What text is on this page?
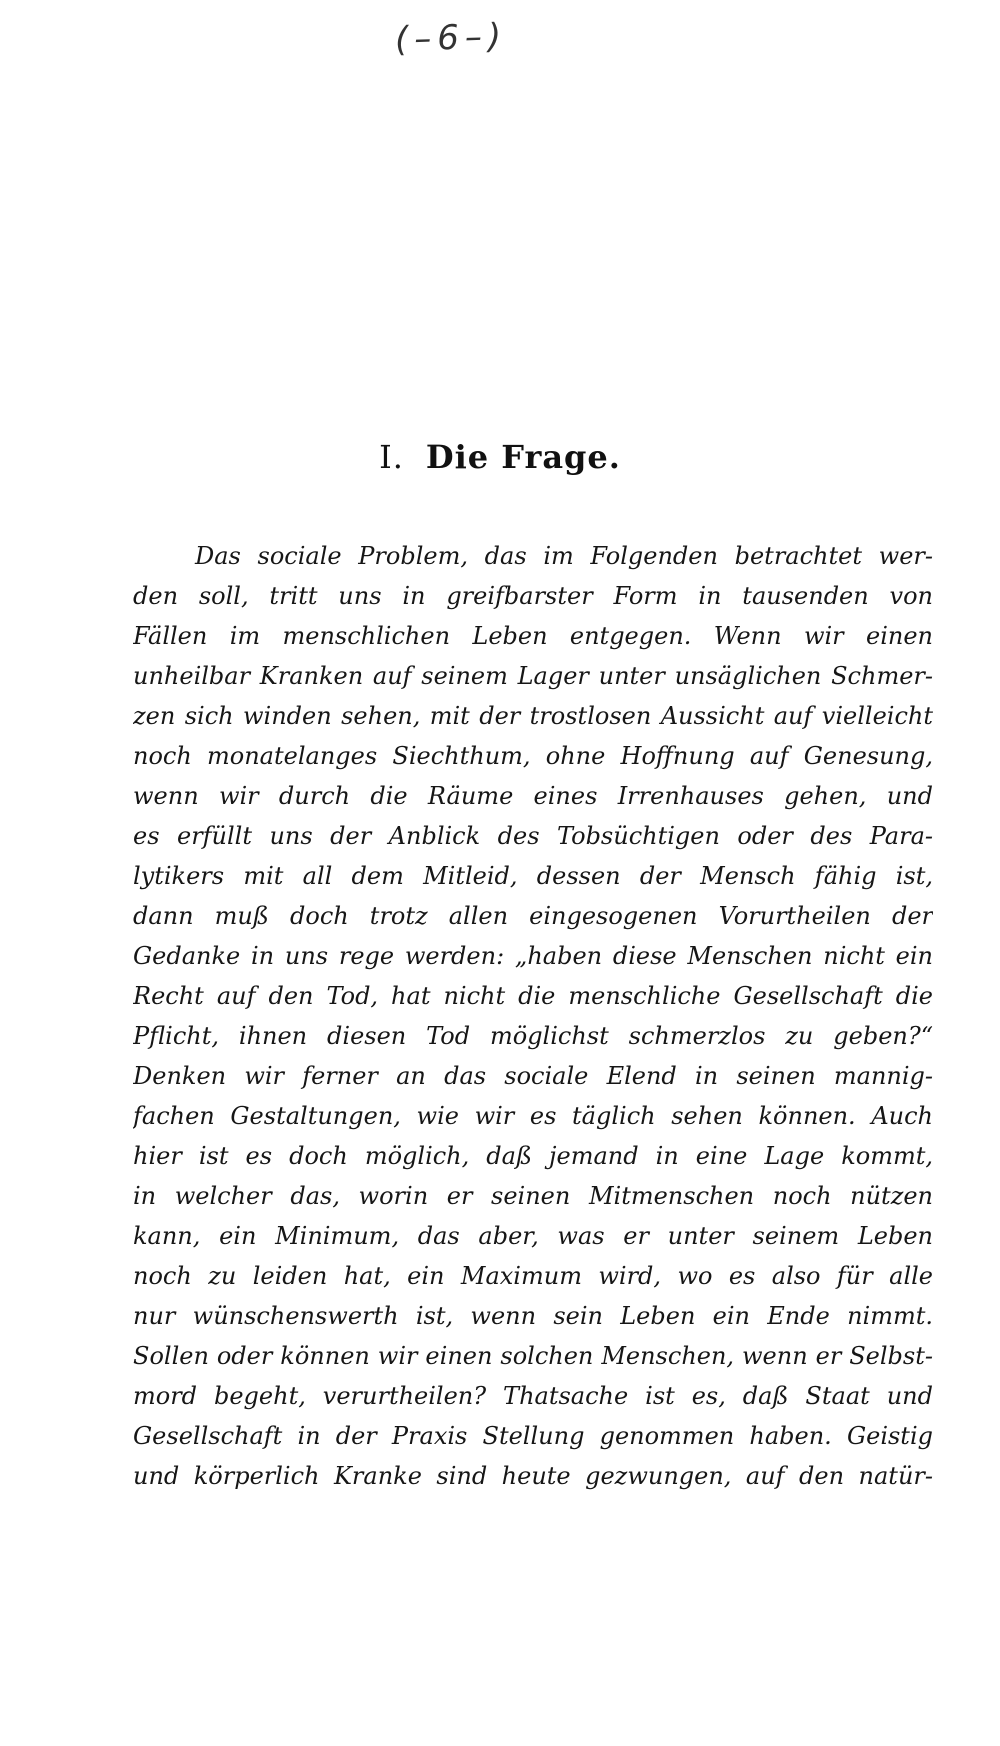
(–6–)
I. Die Frage.
Das sociale Problem, das im Folgenden betrachtet wer-
den soll, tritt uns in greifbarster Form in tausenden von
Fällen im menschlichen Leben entgegen. Wenn wir einen
unheilbar Kranken auf seinem Lager unter unsäglichen Schmer-
zen sich winden sehen, mit der trostlosen Aussicht auf vielleicht
noch monatelanges Siechthum, ohne Hoffnung auf Genesung,
wenn wir durch die Räume eines Irrenhauses gehen, und
es erfüllt uns der Anblick des Tobsüchtigen oder des Para-
lytikers mit all dem Mitleid, dessen der Mensch fähig ist,
dann muß doch trotz allen eingesogenen Vorurtheilen der
Gedanke in uns rege werden: „haben diese Menschen nicht ein
Recht auf den Tod, hat nicht die menschliche Gesellschaft die
Pflicht, ihnen diesen Tod möglichst schmerzlos zu geben?“
Denken wir ferner an das sociale Elend in seinen mannig-
fachen Gestaltungen, wie wir es täglich sehen können. Auch
hier ist es doch möglich, daß jemand in eine Lage kommt,
in welcher das, worin er seinen Mitmenschen noch nützen
kann, ein Minimum, das aber, was er unter seinem Leben
noch zu leiden hat, ein Maximum wird, wo es also für alle
nur wünschenswerth ist, wenn sein Leben ein Ende nimmt.
Sollen oder können wir einen solchen Menschen, wenn er Selbst-
mord begeht, verurtheilen? Thatsache ist es, daß Staat und
Gesellschaft in der Praxis Stellung genommen haben. Geistig
und körperlich Kranke sind heute gezwungen, auf den natür-
